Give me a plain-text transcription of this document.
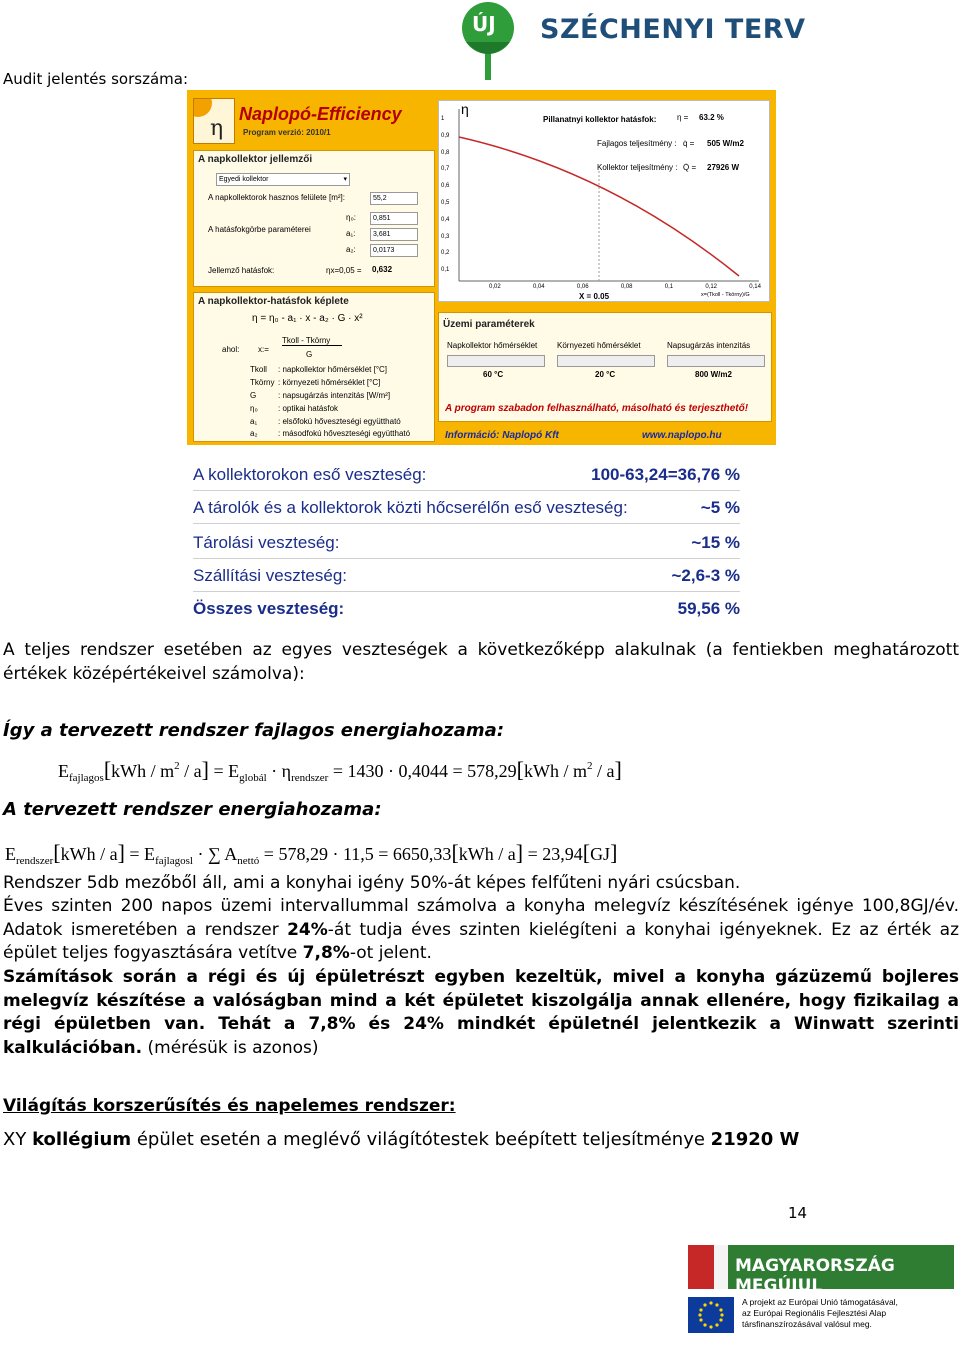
ÚJ SZÉCHENYI TERV
Audit jelentés sorszáma:
η
Naplopó-Efficiency
Program verzió: 2010/1
A napkollektor jellemzői
Egyedi kollektor	▾
A napkollektorok hasznos felülete [m²]:	55,2
A hatásfokgörbe paraméterei
η₀:	0,851
a₁:	3,681
a₂:	0,0173
Jellemző hatásfok:	ηx=0,05 = 0,632
A napkollektor-hatásfok képlete
η = η₀ - a₁ · x - a₂ · G · x²
ahol: x:=
Tkoll - Tkörny
G
Tkoll : napkollektor hőmérséklet [°C]
Tkörny : környezeti hőmérséklet [°C]
G	: napsugárzás intenzitás [W/m²]
η₀	: optikai hatásfok
a₁	: elsőfokú hőveszteségi együttható
a₂	: másodfokú hőveszteségi együttható
η
1
0,9
0,8
0,7
0,6
0,5
0,4
0,3
0,2
0,1
0,02	0,04	0,06	0,08	0,1	0,12	0,14
Pillanatnyi kollektor hatásfok:	η = 63.2 %
Fajlagos teljesítmény : q̇ = 505 W/m2
Kollektor teljesítmény : Q̇ = 27926 W
X = 0.05	x=(Tkoll - Tkörny)/G
Üzemi paraméterek
Napkollektor hőmérséklet
60 °C
Környezeti hőmérséklet
20 °C
Napsugárzás intenzitás
800 W/m2
A program szabadon felhasználható, másolható és terjeszthető!
Információ: Naplopó Kft	www.naplopo.hu
A kollektorokon eső veszteség:	100-63,24=36,76 %
A tárolók és a kollektorok közti hőcserélőn eső veszteség:	~5 %
Tárolási veszteség:	~15 %
Szállítási veszteség:	~2,6-3 %
Összes veszteség:	59,56 %
A teljes rendszer esetében az egyes veszteségek a következőképp alakulnak (a fentiekben meghatározott értékek középértékeivel számolva):
Így a tervezett rendszer fajlagos energiahozama:
$E_{fajlagos}[kWh / m^2 / a] = E_{globál} \cdot \eta_{rendszer} = 1430 \cdot 0,4044 = 578,29[kWh / m^2 / a]$
A tervezett rendszer energiahozama:
$E_{rendszer}[kWh / a] = E_{fajlagosl}$ · ∑ $A_{nettó} = 578,29 \cdot 11,5 = 6650,33[kWh / a] = 23,94[GJ]$
Rendszer 5db mezőből áll, ami a konyhai igény 50%-át képes felfűteni nyári csúcsban.
Éves szinten 200 napos üzemi intervallummal számolva a konyha melegvíz készítésének igénye 100,8GJ/év. Adatok ismeretében a rendszer 24%-át tudja éves szinten kielégíteni a konyhai igényeknek. Ez az érték az épület teljes fogyasztására vetítve 7,8%-ot jelent.
Számítások során a régi és új épületrészt egyben kezeltük, mivel a konyha gázüzemű bojleres melegvíz készítése a valóságban mind a két épületet kiszolgálja annak ellenére, hogy fizikailag a régi épületben van. Tehát a 7,8% és 24% mindkét épületnél jelentkezik a Winwatt szerinti kalkulációban. (mérésük is azonos)
Világítás korszerűsítés és napelemes rendszer:
XY kollégium épület esetén a meglévő világítótestek beépített teljesítménye 21920 W
14
MAGYARORSZÁG MEGÚJUL
A projekt az Európai Unió támogatásával,
az Európai Regionális Fejlesztési Alap
társfinanszírozásával valósul meg.
